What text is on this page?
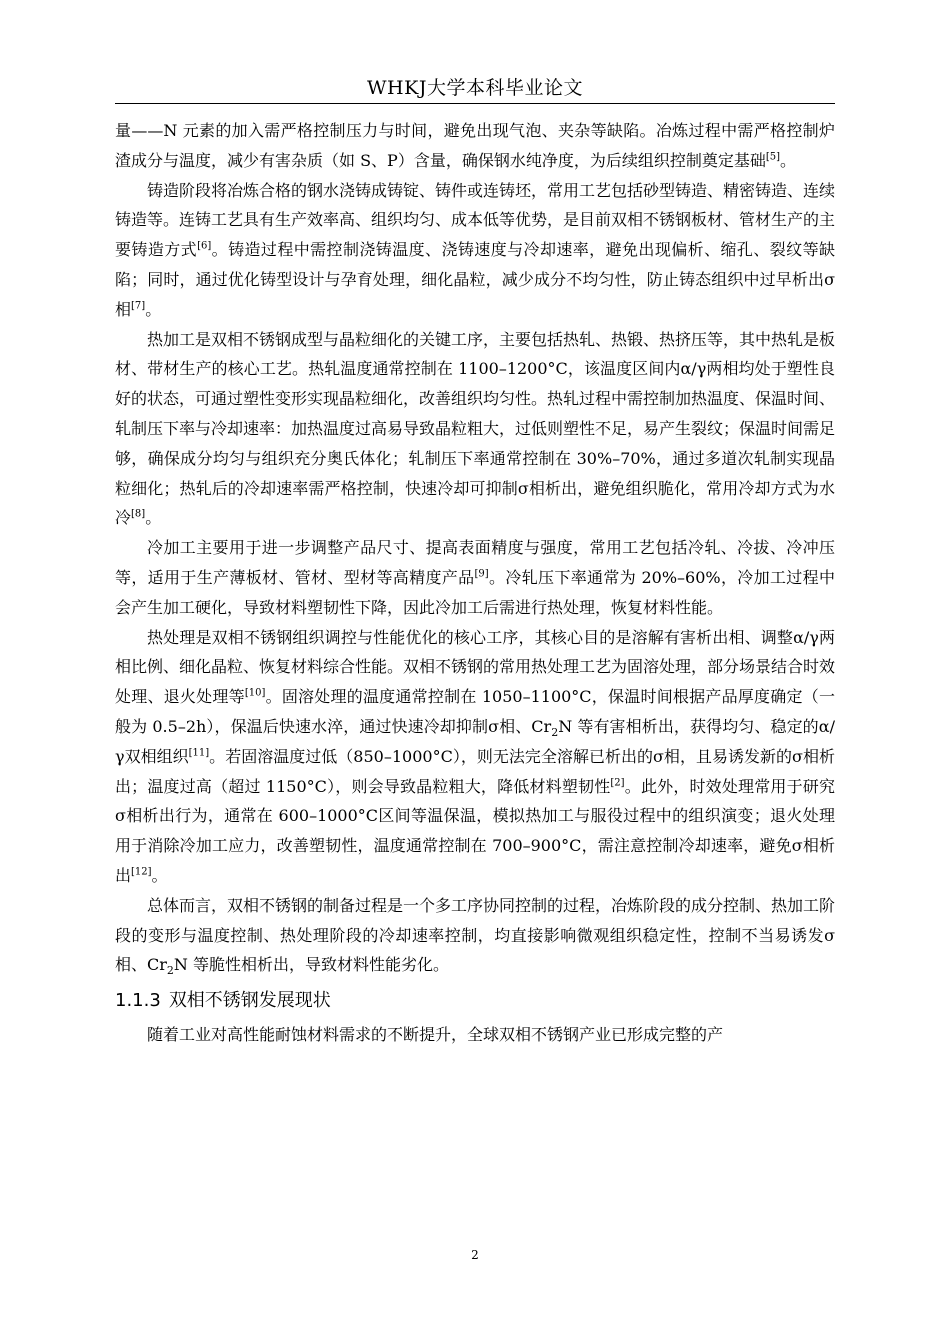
WHKJ大学本科毕业论文

量——N 元素的加入需严格控制压力与时间，避免出现气泡、夹杂等缺陷。冶炼过程中需严格控制炉渣成分与温度，减少有害杂质（如 S、P）含量，确保钢水纯净度，为后续组织控制奠定基础[5]。

铸造阶段将冶炼合格的钢水浇铸成铸锭、铸件或连铸坯，常用工艺包括砂型铸造、精密铸造、连续铸造等。连铸工艺具有生产效率高、组织均匀、成本低等优势，是目前双相不锈钢板材、管材生产的主要铸造方式[6]。铸造过程中需控制浇铸温度、浇铸速度与冷却速率，避免出现偏析、缩孔、裂纹等缺陷；同时，通过优化铸型设计与孕育处理，细化晶粒，减少成分不均匀性，防止铸态组织中过早析出σ相[7]。

热加工是双相不锈钢成型与晶粒细化的关键工序，主要包括热轧、热锻、热挤压等，其中热轧是板材、带材生产的核心工艺。热轧温度通常控制在 1100–1200°C，该温度区间内α/γ两相均处于塑性良好的状态，可通过塑性变形实现晶粒细化，改善组织均匀性。热轧过程中需控制加热温度、保温时间、轧制压下率与冷却速率：加热温度过高易导致晶粒粗大，过低则塑性不足，易产生裂纹；保温时间需足够，确保成分均匀与组织充分奥氏体化；轧制压下率通常控制在 30%–70%，通过多道次轧制实现晶粒细化；热轧后的冷却速率需严格控制，快速冷却可抑制σ相析出，避免组织脆化，常用冷却方式为水冷[8]。

冷加工主要用于进一步调整产品尺寸、提高表面精度与强度，常用工艺包括冷轧、冷拔、冷冲压等，适用于生产薄板材、管材、型材等高精度产品[9]。冷轧压下率通常为 20%–60%，冷加工过程中会产生加工硬化，导致材料塑韧性下降，因此冷加工后需进行热处理，恢复材料性能。

热处理是双相不锈钢组织调控与性能优化的核心工序，其核心目的是溶解有害析出相、调整α/γ两相比例、细化晶粒、恢复材料综合性能。双相不锈钢的常用热处理工艺为固溶处理，部分场景结合时效处理、退火处理等[10]。固溶处理的温度通常控制在 1050–1100°C，保温时间根据产品厚度确定（一般为 0.5–2h），保温后快速水淬，通过快速冷却抑制σ相、$Cr_2N$ 等有害相析出，获得均匀、稳定的α/γ双相组织[11]。若固溶温度过低（850–1000°C），则无法完全溶解已析出的σ相，且易诱发新的σ相析出；温度过高（超过 1150°C），则会导致晶粒粗大，降低材料塑韧性[2]。此外，时效处理常用于研究σ相析出行为，通常在 600–1000°C区间等温保温，模拟热加工与服役过程中的组织演变；退火处理用于消除冷加工应力，改善塑韧性，温度通常控制在 700–900°C，需注意控制冷却速率，避免σ相析出[12]。

总体而言，双相不锈钢的制备过程是一个多工序协同控制的过程，冶炼阶段的成分控制、热加工阶段的变形与温度控制、热处理阶段的冷却速率控制，均直接影响微观组织稳定性，控制不当易诱发σ相、$Cr_2N$ 等脆性相析出，导致材料性能劣化。

1.1.3 双相不锈钢发展现状

随着工业对高性能耐蚀材料需求的不断提升，全球双相不锈钢产业已形成完整的产

2
